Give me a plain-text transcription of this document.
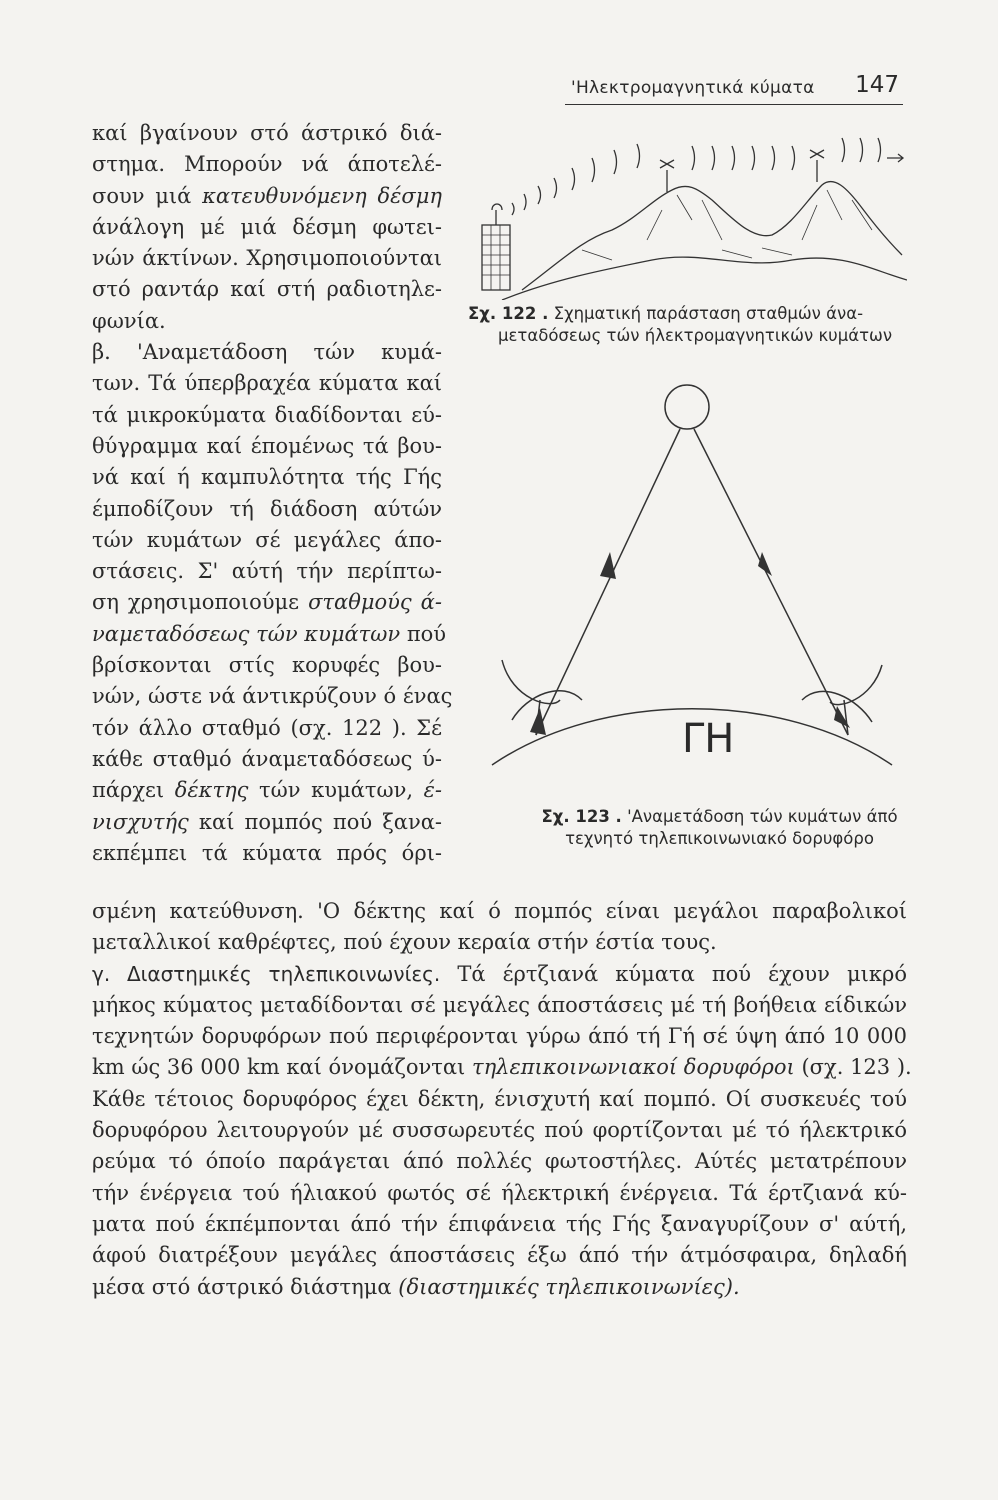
'Ηλεκτρομαγνητικά κύματα 147
καί βγαίνουν στό άστρικό διά-
στημα. Μπορούν νά άποτελέ-
σουν μιά κατευθυνόμενη δέσμη
άνάλογη μέ μιά δέσμη φωτει-
νών άκτίνων. Χρησιμοποιούνται
στό ραντάρ καί στή ραδιοτηλε-
φωνία.
β. 'Αναμετάδοση τών κυμά-
των. Τά ύπερβραχέα κύματα καί
τά μικροκύματα διαδίδονται εύ-
θύγραμμα καί έπομένως τά βου-
νά καί ή καμπυλότητα τής Γής
έμποδίζουν τή διάδοση αύτών
τών κυμάτων σέ μεγάλες άπο-
στάσεις. Σ' αύτή τήν περίπτω-
ση χρησιμοποιούμε σταθμούς ά-
ναμεταδόσεως τών κυμάτων πού
βρίσκονται στίς κορυφές βου-
νών, ώστε νά άντικρύζουν ό ένας
τόν άλλο σταθμό (σχ. 122 ). Σέ
κάθε σταθμό άναμεταδόσεως ύ-
πάρχει δέκτης τών κυμάτων, έ-
νισχυτής καί πομπός πού ξανα-
εκπέμπει τά κύματα πρός όρι-
Σχ. 122 . Σχηματική παράσταση σταθμών άνα-
μεταδόσεως τών ήλεκτρομαγνητικών κυμάτων
ΓΗ
Σχ. 123 . 'Αναμετάδοση τών κυμάτων άπό
τεχνητό τηλεπικοινωνιακό δορυφόρο
σμένη κατεύθυνση. 'Ο δέκτης καί ό πομπός είναι μεγάλοι παραβολικοί
μεταλλικοί καθρέφτες, πού έχουν κεραία στήν έστία τους.
γ. Διαστημικές τηλεπικοινωνίες. Τά έρτζιανά κύματα πού έχουν μικρό
μήκος κύματος μεταδίδονται σέ μεγάλες άποστάσεις μέ τή βοήθεια είδικών
τεχνητών δορυφόρων πού περιφέρονται γύρω άπό τή Γή σέ ύψη άπό 10 000
km ώς 36 000 km καί όνομάζονται τηλεπικοινωνιακοί δορυφόροι (σχ. 123 ).
Κάθε τέτοιος δορυφόρος έχει δέκτη, ένισχυτή καί πομπό. Οί συσκευές τού
δορυφόρου λειτουργούν μέ συσσωρευτές πού φορτίζονται μέ τό ήλεκτρικό
ρεύμα τό όποίο παράγεται άπό πολλές φωτοστήλες. Αύτές μετατρέπουν
τήν ένέργεια τού ήλιακού φωτός σέ ήλεκτρική ένέργεια. Τά έρτζιανά κύ-
ματα πού έκπέμπονται άπό τήν έπιφάνεια τής Γής ξαναγυρίζουν σ' αύτή,
άφού διατρέξουν μεγάλες άποστάσεις έξω άπό τήν άτμόσφαιρα, δηλαδή
μέσα στό άστρικό διάστημα (διαστημικές τηλεπικοινωνίες).
